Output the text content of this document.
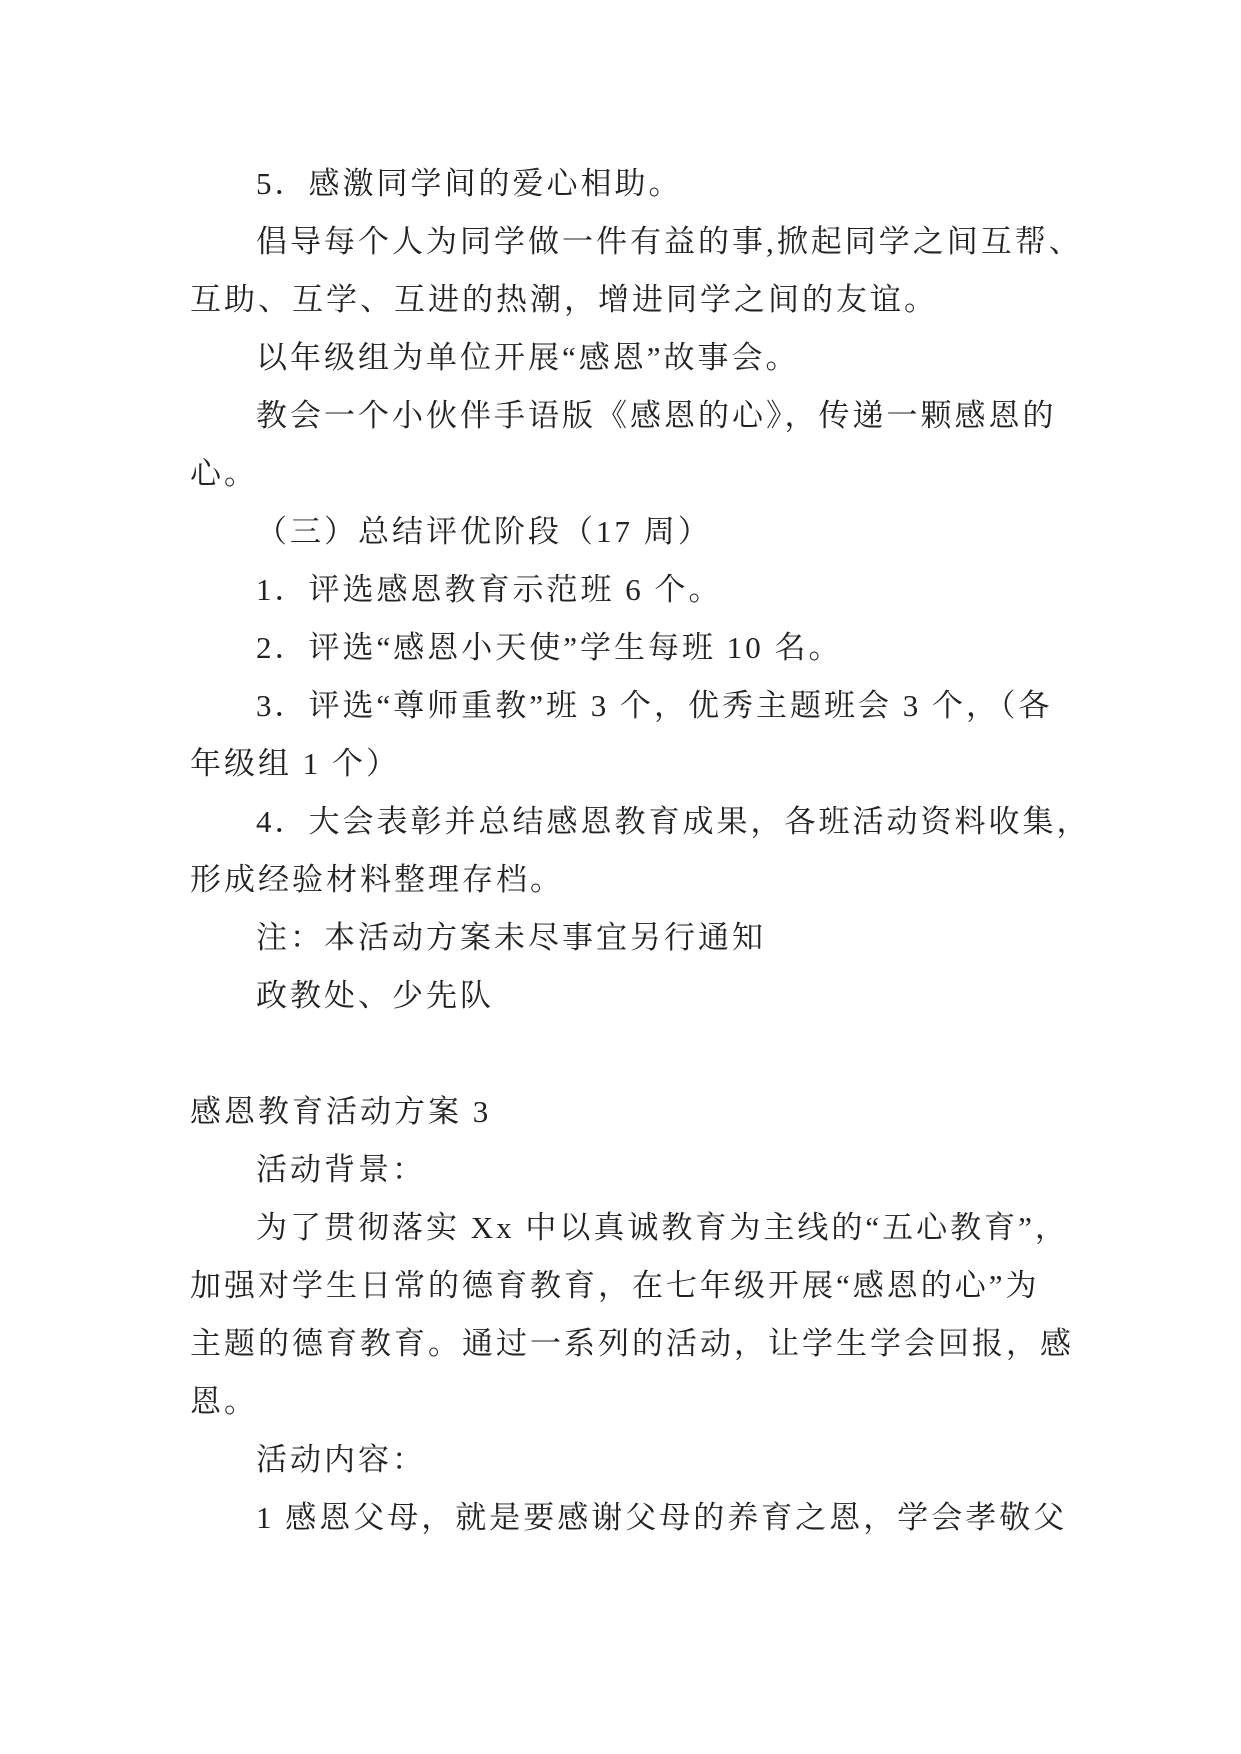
5．感激同学间的爱心相助。
倡导每个人为同学做一件有益的事,掀起同学之间互帮、
互助、互学、互进的热潮，增进同学之间的友谊。
以年级组为单位开展“感恩”故事会。
教会一个小伙伴手语版《感恩的心》，传递一颗感恩的
心。
（三）总结评优阶段（17 周）
1．评选感恩教育示范班 6 个。
2．评选“感恩小天使”学生每班 10 名。
3．评选“尊师重教”班 3 个，优秀主题班会 3 个，（各
年级组 1 个）
4．大会表彰并总结感恩教育成果，各班活动资料收集，
形成经验材料整理存档。
注：本活动方案未尽事宜另行通知
政教处、少先队
感恩教育活动方案 3
活动背景：
为了贯彻落实 Xx 中以真诚教育为主线的“五心教育”，
加强对学生日常的德育教育，在七年级开展“感恩的心”为
主题的德育教育。通过一系列的活动，让学生学会回报，感
恩。
活动内容：
1 感恩父母，就是要感谢父母的养育之恩，学会孝敬父
